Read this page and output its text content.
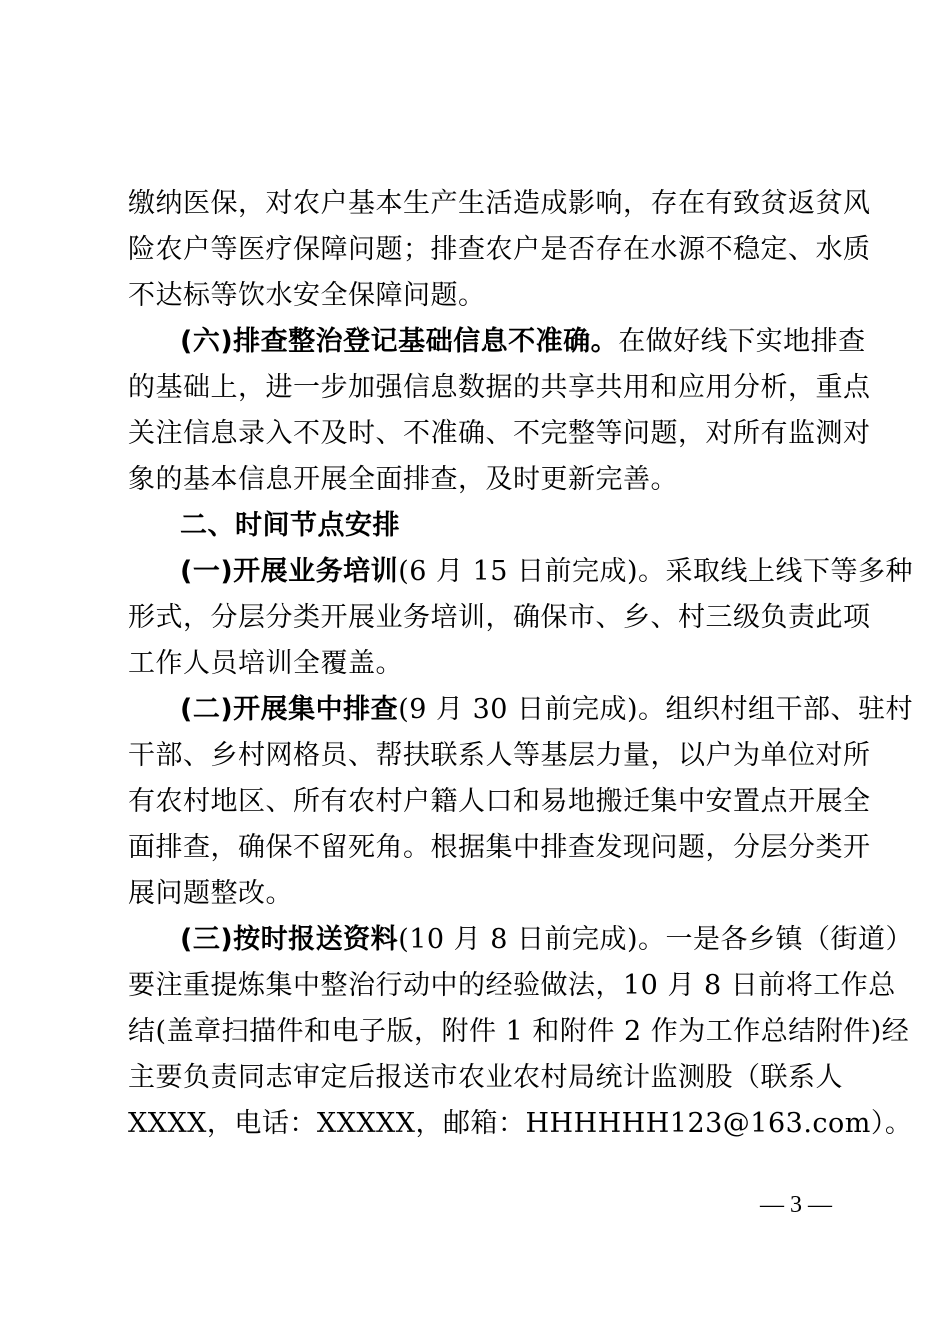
缴纳医保，对农户基本生产生活造成影响，存在有致贫返贫风
险农户等医疗保障问题；排查农户是否存在水源不稳定、水质
不达标等饮水安全保障问题。
(六)排查整治登记基础信息不准确。在做好线下实地排查
的基础上，进一步加强信息数据的共享共用和应用分析，重点
关注信息录入不及时、不准确、不完整等问题，对所有监测对
象的基本信息开展全面排查，及时更新完善。
二、时间节点安排
(一)开展业务培训(6 月 15 日前完成)。采取线上线下等多种
形式，分层分类开展业务培训，确保市、乡、村三级负责此项
工作人员培训全覆盖。
(二)开展集中排查(9 月 30 日前完成)。组织村组干部、驻村
干部、乡村网格员、帮扶联系人等基层力量，以户为单位对所
有农村地区、所有农村户籍人口和易地搬迁集中安置点开展全
面排查，确保不留死角。根据集中排查发现问题，分层分类开
展问题整改。
(三)按时报送资料(10 月 8 日前完成)。一是各乡镇（街道）
要注重提炼集中整治行动中的经验做法，10 月 8 日前将工作总
结(盖章扫描件和电子版，附件 1 和附件 2 作为工作总结附件)经
主要负责同志审定后报送市农业农村局统计监测股（联系人
XXXX，电话：XXXXX，邮箱：HHHHHH123@163.com）。
— 3 —
